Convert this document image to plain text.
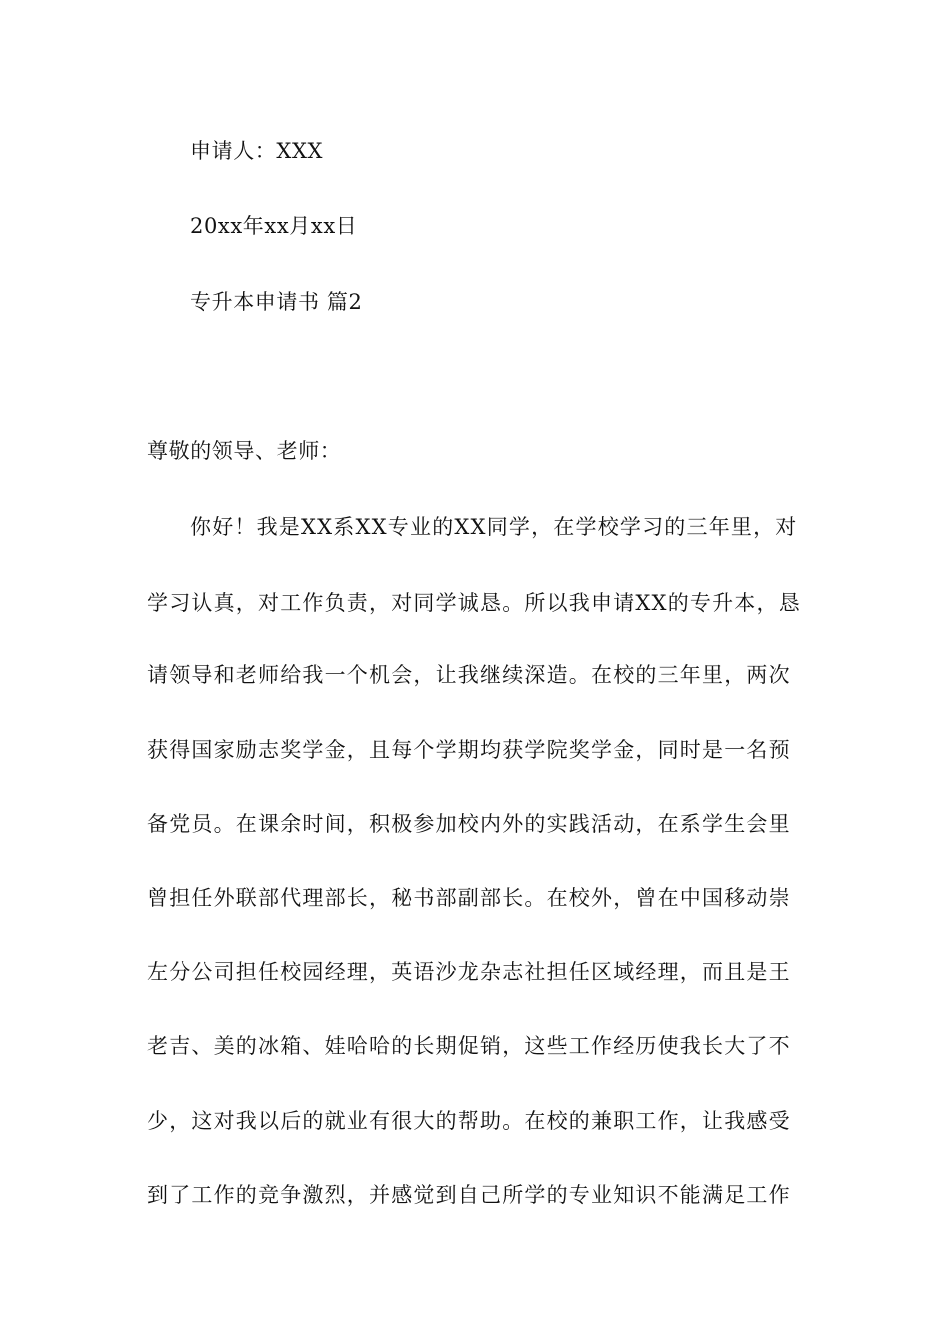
申请人：XXX
20xx年xx月xx日
专升本申请书 篇2
尊敬的领导、老师：
你好！我是XX系XX专业的XX同学，在学校学习的三年里，对
学习认真，对工作负责，对同学诚恳。所以我申请XX的专升本，恳
请领导和老师给我一个机会，让我继续深造。在校的三年里，两次
获得国家励志奖学金，且每个学期均获学院奖学金，同时是一名预
备党员。在课余时间，积极参加校内外的实践活动，在系学生会里
曾担任外联部代理部长，秘书部副部长。在校外，曾在中国移动崇
左分公司担任校园经理，英语沙龙杂志社担任区域经理，而且是王
老吉、美的冰箱、娃哈哈的长期促销，这些工作经历使我长大了不
少，这对我以后的就业有很大的帮助。在校的兼职工作，让我感受
到了工作的竞争激烈，并感觉到自己所学的专业知识不能满足工作
